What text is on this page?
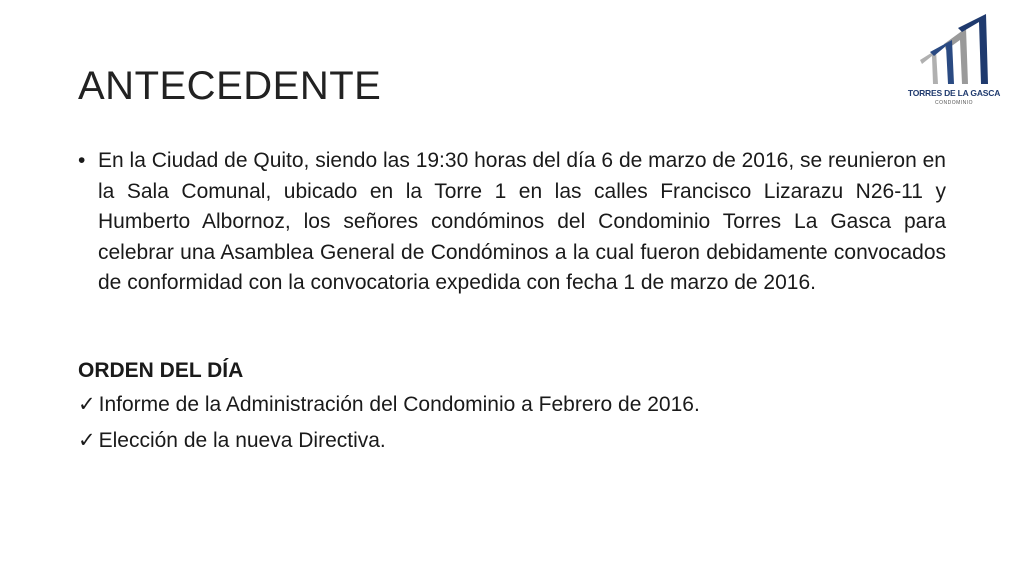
ANTECEDENTE	TORRES DE LA GASCA
CONDOMINIO

• En la Ciudad de Quito, siendo las 19:30 horas del día 6 de marzo de 2016, se reunieron en la Sala Comunal, ubicado en la Torre 1 en las calles Francisco Lizarazu N26-11 y Humberto Albornoz, los señores condóminos del Condominio Torres La Gasca para celebrar una Asamblea General de Condóminos a la cual fueron debidamente convocados de conformidad con la convocatoria expedida con fecha 1 de marzo de 2016.

ORDEN DEL DÍA

✓ Informe de la Administración del Condominio a Febrero de 2016.

✓ Elección de la nueva Directiva.
